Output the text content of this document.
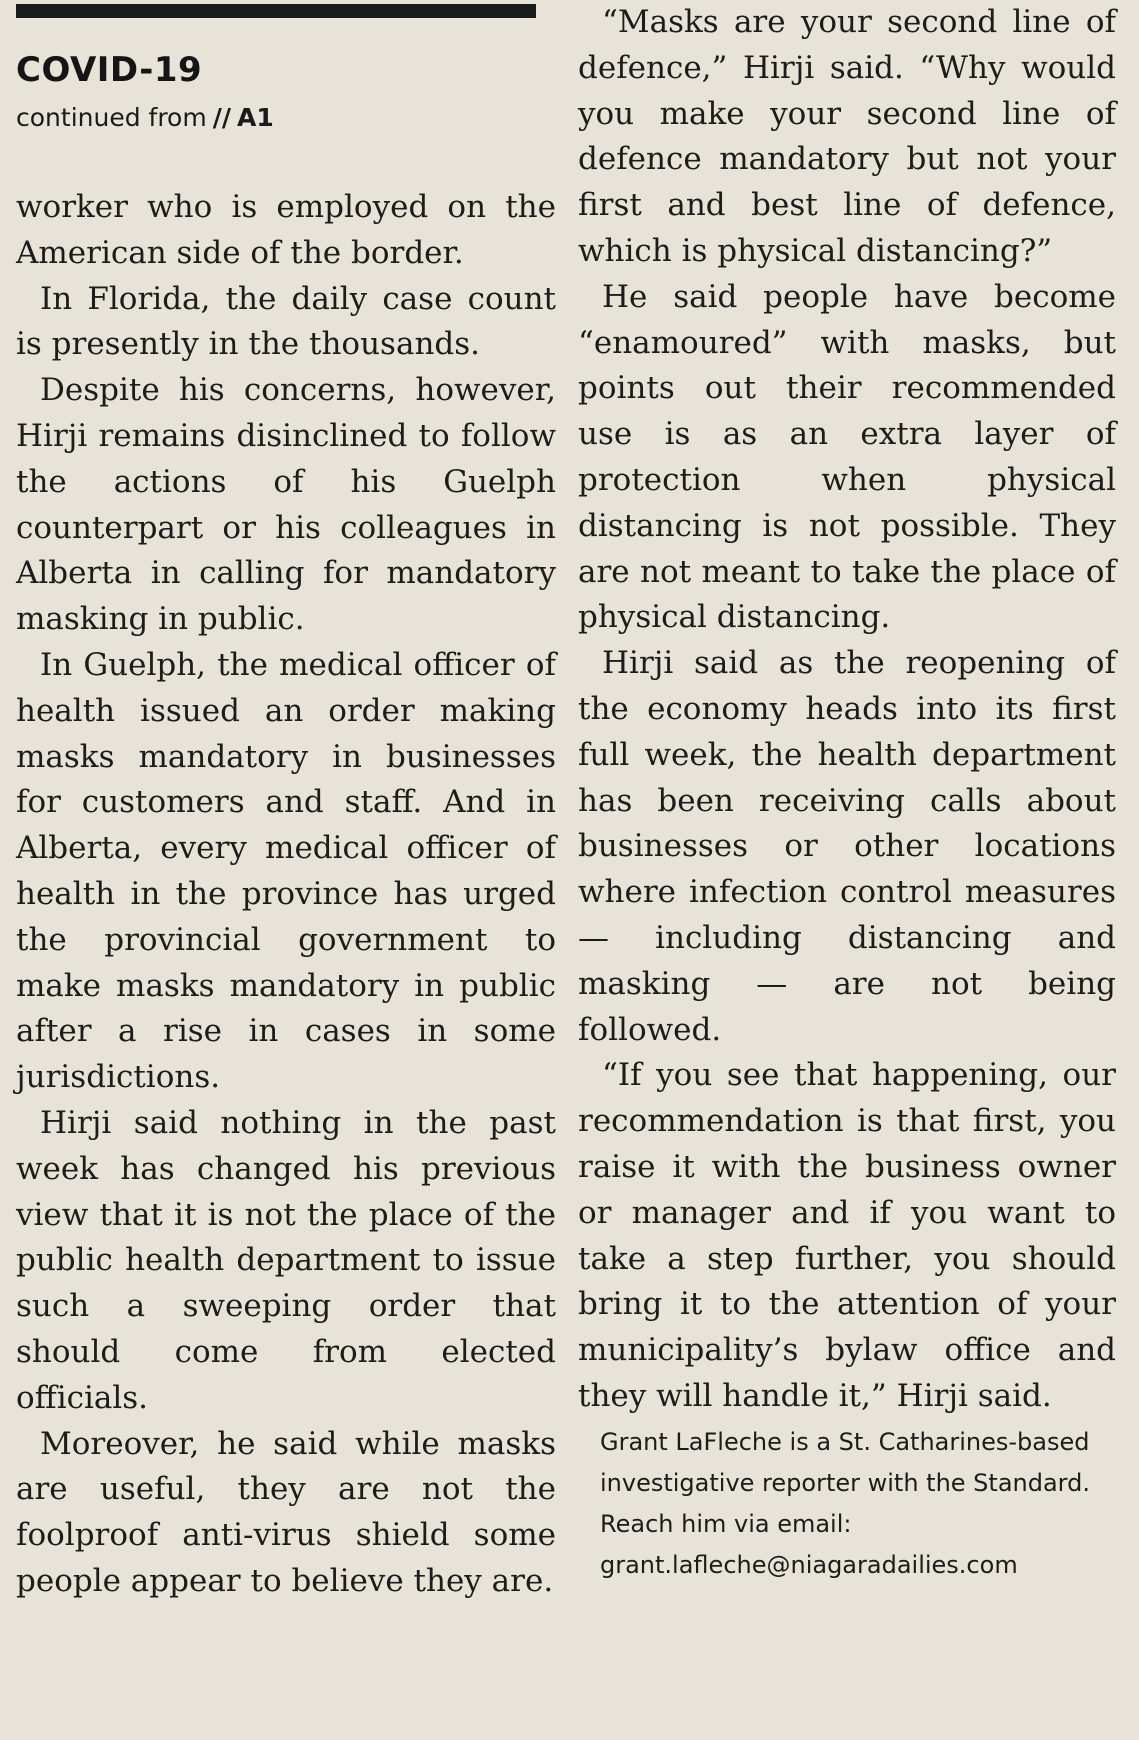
COVID-19
continued from // A1

worker who is employed on the American side of the border.

In Florida, the daily case count is presently in the thousands.

Despite his concerns, however, Hirji remains disinclined to follow the actions of his Guelph counterpart or his colleagues in Alberta in calling for mandatory masking in public.

In Guelph, the medical officer of health issued an order making masks mandatory in businesses for customers and staff. And in Alberta, every medical officer of health in the province has urged the provincial government to make masks mandatory in public after a rise in cases in some jurisdictions.

Hirji said nothing in the past week has changed his previous view that it is not the place of the public health department to issue such a sweeping order that should come from elected officials.

Moreover, he said while masks are useful, they are not the foolproof anti-virus shield some people appear to believe they are.

“Masks are your second line of defence,” Hirji said. “Why would you make your second line of defence mandatory but not your first and best line of defence, which is physical distancing?”

He said people have become “enamoured” with masks, but points out their recommended use is as an extra layer of protection when physical distancing is not possible. They are not meant to take the place of physical distancing.

Hirji said as the reopening of the economy heads into its first full week, the health department has been receiving calls about businesses or other locations where infection control measures — including distancing and masking — are not being followed.

“If you see that happening, our recommendation is that first, you raise it with the business owner or manager and if you want to take a step further, you should bring it to the attention of your municipality’s bylaw office and they will handle it,” Hirji said.

Grant LaFleche is a St. Catharines-based investigative reporter with the Standard. Reach him via email:
grant.lafleche@niagaradailies.com
